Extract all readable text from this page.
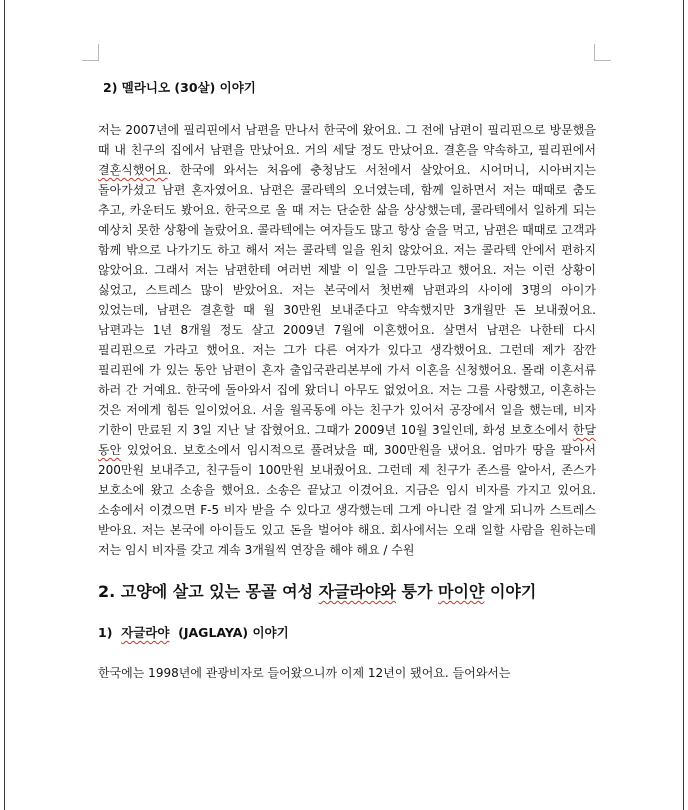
2) 멜라니오 (30살) 이야기

저는 2007년에 필리핀에서 남편을 만나서 한국에 왔어요. 그 전에 남편이 필리핀으로 방문했을 때 내 친구의 집에서 남편을 만났어요. 거의 세달 정도 만났어요. 결혼을 약속하고, 필리핀에서 결혼식했어요. 한국에 와서는 처음에 충청남도 서천에서 살았어요. 시어머니, 시아버지는 돌아가셨고 남편 혼자였어요. 남편은 콜라텍의 오너였는데, 함께 일하면서 저는 때때로 춤도 추고, 카운터도 봤어요. 한국으로 올 때 저는 단순한 삶을 상상했는데, 콜라텍에서 일하게 되는 예상치 못한 상황에 놀랐어요. 콜라텍에는 여자들도 많고 항상 술을 먹고, 남편은 때때로 고객과 함께 밖으로 나가기도 하고 해서 저는 콜라텍 일을 원치 않았어요. 저는 콜라텍 안에서 편하지 않았어요. 그래서 저는 남편한테 여러번 제발 이 일을 그만두라고 했어요. 저는 이런 상황이 싫었고, 스트레스 많이 받았어요. 저는 본국에서 첫번째 남편과의 사이에 3명의 아이가 있었는데, 남편은 결혼할 때 월 30만원 보내준다고 약속했지만 3개월만 돈 보내줬어요. 남편과는 1년 8개월 정도 살고 2009년 7월에 이혼했어요. 살면서 남편은 나한테 다시 필리핀으로 가라고 했어요. 저는 그가 다른 여자가 있다고 생각했어요. 그런데 제가 잠깐 필리핀에 가 있는 동안 남편이 혼자 출입국관리본부에 가서 이혼을 신청했어요. 몰래 이혼서류 하러 간 거예요. 한국에 돌아와서 집에 왔더니 아무도 없었어요. 저는 그를 사랑했고, 이혼하는 것은 저에게 힘든 일이었어요. 서울 월곡동에 아는 친구가 있어서 공장에서 일을 했는데, 비자 기한이 만료된 지 3일 지난 날 잡혔어요. 그때가 2009년 10월 3일인데, 화성 보호소에서 한달 동안 있었어요. 보호소에서 임시적으로 풀려났을 때, 300만원을 냈어요. 엄마가 땅을 팔아서 200만원 보내주고, 친구들이 100만원 보내줬어요. 그런데 제 친구가 존스를 알아서, 존스가 보호소에 왔고 소송을 했어요. 소송은 끝났고 이겼어요. 지금은 임시 비자를 가지고 있어요. 소송에서 이겼으면 F-5 비자 받을 수 있다고 생각했는데 그게 아니란 걸 알게 되니까 스트레스 받아요. 저는 본국에 아이들도 있고 돈을 벌어야 해요. 회사에서는 오래 일할 사람을 원하는데 저는 임시 비자를 갖고 계속 3개월씩 연장을 해야 해요 / 수원

2. 고양에 살고 있는 몽골 여성 자글라야와 퉁가 마이얀 이야기

1)  자글라야  (JAGLAYA) 이야기

한국에는 1998년에 관광비자로 들어왔으니까 이제 12년이 됐어요. 들어와서는
